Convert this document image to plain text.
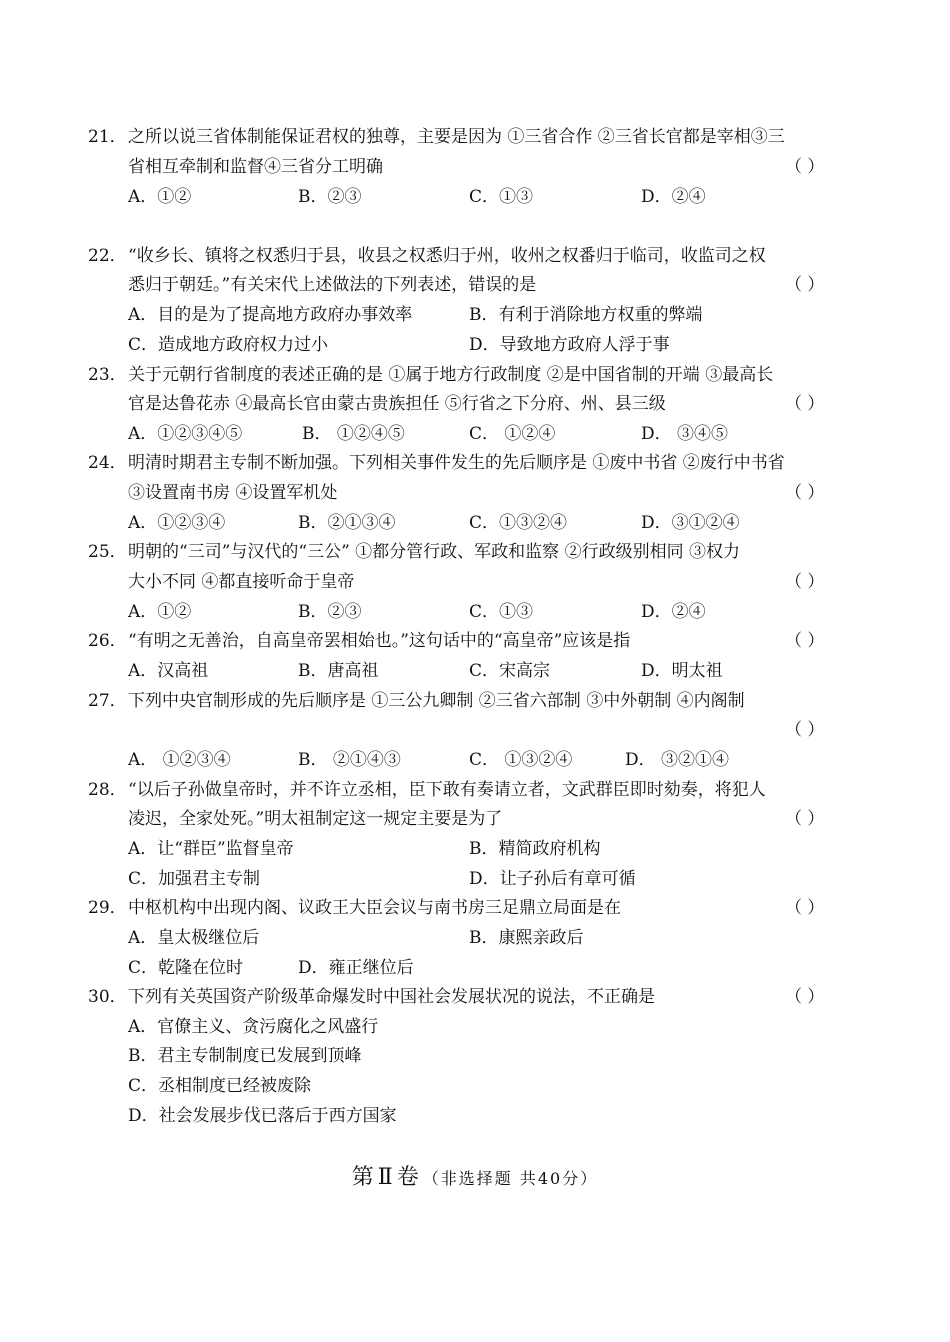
21． 之所以说三省体制能保证君权的独尊，主要是因为 ①三省合作 ②三省长官都是宰相③三
省相互牵制和监督④三省分工明确	（ ）
A．①②	B．②③	C．①③	D．②④
22． “收乡长、镇将之权悉归于县，收县之权悉归于州，收州之权番归于临司，收监司之权
悉归于朝廷。”有关宋代上述做法的下列表述，错误的是	（ ）
A．目的是为了提高地方政府办事效率	B．有利于消除地方权重的弊端
C．造成地方政府权力过小	D．导致地方政府人浮于事
23． 关于元朝行省制度的表述正确的是 ①属于地方行政制度 ②是中国省制的开端 ③最高长
官是达鲁花赤 ④最高长官由蒙古贵族担任 ⑤行省之下分府、州、县三级	（ ）
A．①②③④⑤	B． ①②④⑤	C． ①②④	D． ③④⑤
24． 明清时期君主专制不断加强。下列相关事件发生的先后顺序是 ①废中书省 ②废行中书省
③设置南书房 ④设置军机处	（ ）
A．①②③④	B．②①③④	C．①③②④	D．③①②④
25． 明朝的“三司”与汉代的“三公” ①都分管行政、军政和监察 ②行政级别相同 ③权力
大小不同 ④都直接听命于皇帝	（ ）
A．①②	B．②③	C．①③	D．②④
26． “有明之无善治，自高皇帝罢相始也。”这句话中的“高皇帝”应该是指	（ ）
A．汉高祖	B．唐高祖	C．宋高宗	D．明太祖
27． 下列中央官制形成的先后顺序是 ①三公九卿制 ②三省六部制 ③中外朝制 ④内阁制
（ ）
A． ①②③④	B． ②①④③	C． ①③②④	D． ③②①④
28． “以后子孙做皇帝时，并不许立丞相，臣下敢有奏请立者，文武群臣即时劾奏，将犯人
凌迟，全家处死。”明太祖制定这一规定主要是为了	（ ）
A．让“群臣”监督皇帝	B．精简政府机构
C．加强君主专制	D．让子孙后有章可循
29． 中枢机构中出现内阁、议政王大臣会议与南书房三足鼎立局面是在	（ ）
A．皇太极继位后	B．康熙亲政后
C．乾隆在位时	D．雍正继位后
30． 下列有关英国资产阶级革命爆发时中国社会发展状况的说法，不正确是	（ ）
A．官僚主义、贪污腐化之风盛行
B．君主专制制度已发展到顶峰
C．丞相制度已经被废除
D．社会发展步伐已落后于西方国家
第Ⅱ卷（非选择题 共40分）
